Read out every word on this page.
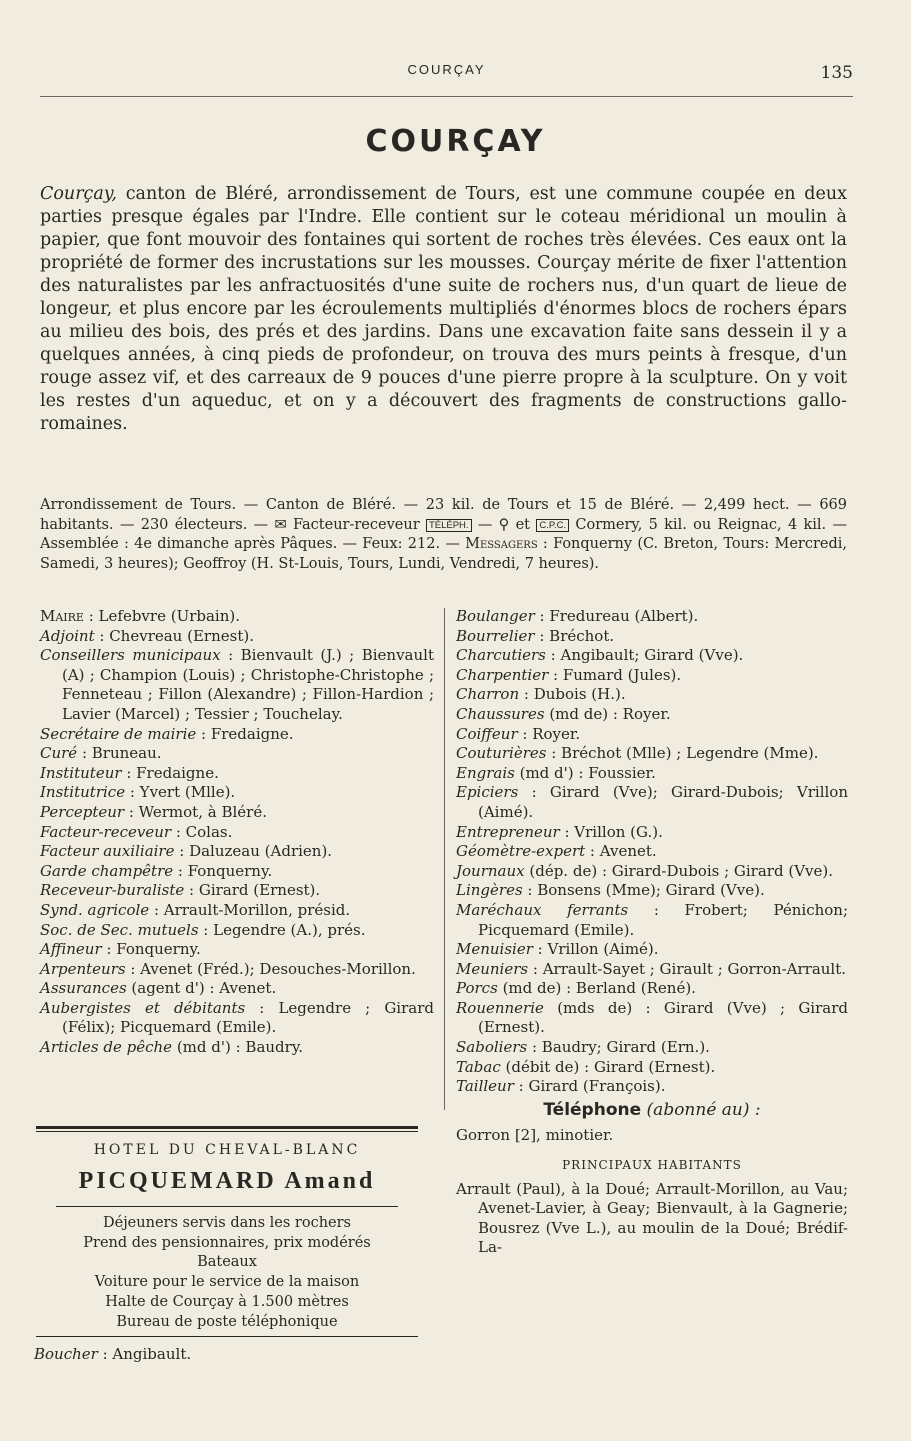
COURÇAY	135
COURÇAY
Courçay, canton de Bléré, arrondissement de Tours, est une commune coupée en deux parties presque égales par l'Indre. Elle contient sur le coteau méridional un moulin à papier, que font mouvoir des fontaines qui sortent de roches très élevées. Ces eaux ont la propriété de former des incrustations sur les mousses. Courçay mérite de fixer l'attention des naturalistes par les anfractuosités d'une suite de rochers nus, d'un quart de lieue de longeur, et plus encore par les écroulements multipliés d'énormes blocs de rochers épars au milieu des bois, des prés et des jardins. Dans une excavation faite sans dessein il y a quelques années, à cinq pieds de profondeur, on trouva des murs peints à fresque, d'un rouge assez vif, et des carreaux de 9 pouces d'une pierre propre à la sculpture. On y voit les restes d'un aqueduc, et on y a découvert des fragments de constructions gallo-romaines.
Arrondissement de Tours. — Canton de Bléré. — 23 kil. de Tours et 15 de Bléré. — 2,499 hect. — 669 habitants. — 230 électeurs. — ✉ Facteur-receveur TÉLÉPH. — ⚲ et C.P.C. Cormery, 5 kil. ou Reignac, 4 kil. — Assemblée : 4e dimanche après Pâques. — Feux: 212. — Messagers : Fonquerny (C. Breton, Tours: Mercredi, Samedi, 3 heures); Geoffroy (H. St-Louis, Tours, Lundi, Vendredi, 7 heures).
Maire : Lefebvre (Urbain).
Adjoint : Chevreau (Ernest).
Conseillers municipaux : Bienvault (J.) ; Bienvault (A) ; Champion (Louis) ; Christophe-Christophe ; Fenneteau ; Fillon (Alexandre) ; Fillon-Hardion ; Lavier (Marcel) ; Tessier ; Touchelay.
Secrétaire de mairie : Fredaigne.
Curé : Bruneau.
Instituteur : Fredaigne.
Institutrice : Yvert (Mlle).
Percepteur : Wermot, à Bléré.
Facteur-receveur : Colas.
Facteur auxiliaire : Daluzeau (Adrien).
Garde champêtre : Fonquerny.
Receveur-buraliste : Girard (Ernest).
Synd. agricole : Arrault-Morillon, présid.
Soc. de Sec. mutuels : Legendre (A.), prés.
Affineur : Fonquerny.
Arpenteurs : Avenet (Fréd.); Desouches-Morillon.
Assurances (agent d') : Avenet.
Aubergistes et débitants : Legendre ; Girard (Félix); Picquemard (Emile).
Articles de pêche (md d') : Baudry.
HOTEL DU CHEVAL-BLANC
PICQUEMARD Amand
Déjeuners servis dans les rochers
Prend des pensionnaires, prix modérés
Bateaux
Voiture pour le service de la maison
Halte de Courçay à 1.500 mètres
Bureau de poste téléphonique
Boucher : Angibault.
Boulanger : Fredureau (Albert).
Bourrelier : Bréchot.
Charcutiers : Angibault; Girard (Vve).
Charpentier : Fumard (Jules).
Charron : Dubois (H.).
Chaussures (md de) : Royer.
Coiffeur : Royer.
Couturières : Bréchot (Mlle) ; Legendre (Mme).
Engrais (md d') : Foussier.
Epiciers : Girard (Vve); Girard-Dubois; Vrillon (Aimé).
Entrepreneur : Vrillon (G.).
Géomètre-expert : Avenet.
Journaux (dép. de) : Girard-Dubois ; Girard (Vve).
Lingères : Bonsens (Mme); Girard (Vve).
Maréchaux ferrants : Frobert; Pénichon; Picquemard (Emile).
Menuisier : Vrillon (Aimé).
Meuniers : Arrault-Sayet ; Girault ; Gorron-Arrault.
Porcs (md de) : Berland (René).
Rouennerie (mds de) : Girard (Vve) ; Girard (Ernest).
Saboliers : Baudry; Girard (Ern.).
Tabac (débit de) : Girard (Ernest).
Tailleur : Girard (François).
Téléphone (abonné au) :
Gorron [2], minotier.
PRINCIPAUX HABITANTS
Arrault (Paul), à la Doué; Arrault-Morillon, au Vau; Avenet-Lavier, à Geay; Bienvault, à la Gagnerie; Bousrez (Vve L.), au moulin de la Doué; Brédif-La-
